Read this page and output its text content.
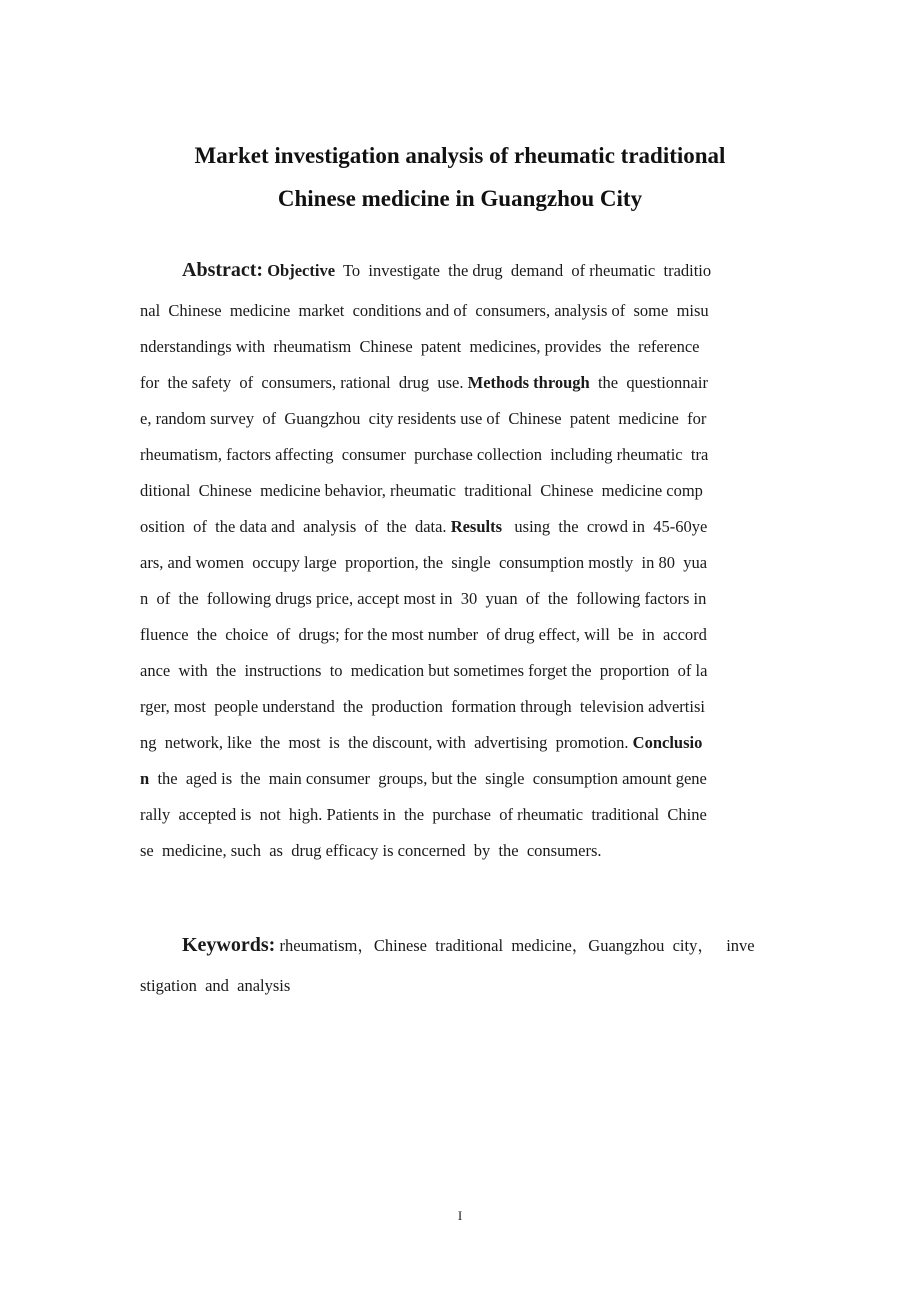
Market investigation analysis of rheumatic traditional
Chinese medicine in Guangzhou City
Abstract: Objective  To  investigate  the drug  demand  of rheumatic  traditio
nal  Chinese  medicine  market  conditions and of  consumers, analysis of  some  misu
nderstandings with  rheumatism  Chinese  patent  medicines, provides  the  reference
for  the safety  of  consumers, rational  drug  use. Methods through  the  questionnair
e, random survey  of  Guangzhou  city residents use of  Chinese  patent  medicine  for
rheumatism, factors affecting  consumer  purchase collection  including rheumatic  tra
ditional  Chinese  medicine behavior, rheumatic  traditional  Chinese  medicine comp
osition  of  the data and  analysis  of  the  data. Results   using  the  crowd in  45-60ye
ars, and women  occupy large  proportion, the  single  consumption mostly  in 80  yua
n  of  the  following drugs price, accept most in  30  yuan  of  the  following factors in
fluence  the  choice  of  drugs; for the most number  of drug effect, will  be  in  accord
ance  with  the  instructions  to  medication but sometimes forget the  proportion  of la
rger, most  people understand  the  production  formation through  television advertisi
ng  network, like  the  most  is  the discount, with  advertising  promotion. Conclusio
n  the  aged is  the  main consumer  groups, but the  single  consumption amount gene
rally  accepted is  not  high. Patients in  the  purchase  of rheumatic  traditional  Chine
se  medicine, such  as  drug efficacy is concerned  by  the  consumers.
Keywords: rheumatism，Chinese  traditional  medicine，Guangzhou  city，   inve
stigation  and  analysis
I
